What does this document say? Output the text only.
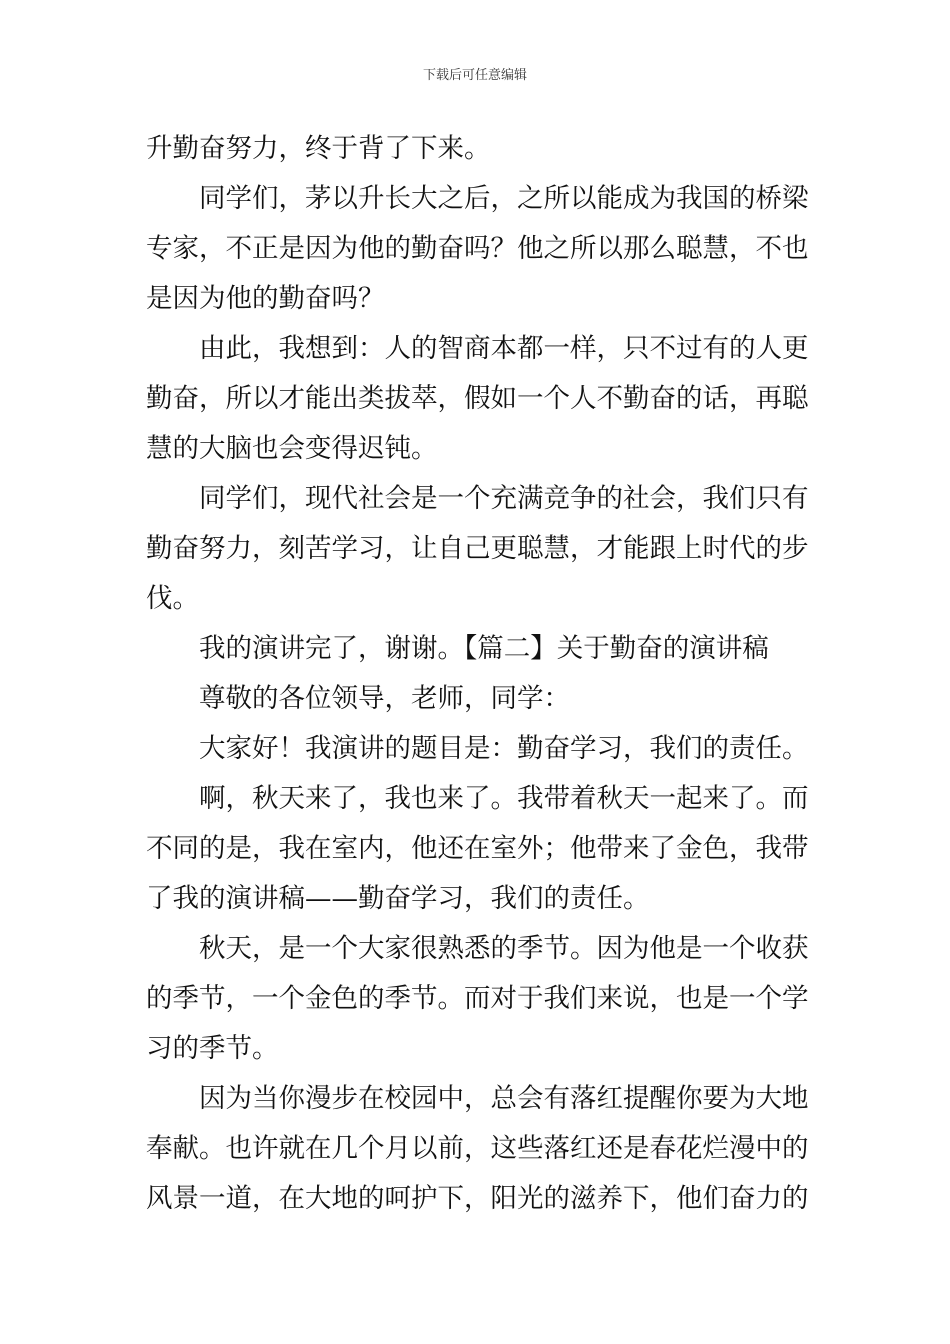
下载后可任意编辑
升勤奋努力，终于背了下来。
同学们，茅以升长大之后，之所以能成为我国的桥梁
专家，不正是因为他的勤奋吗？他之所以那么聪慧，不也
是因为他的勤奋吗？
由此，我想到：人的智商本都一样，只不过有的人更
勤奋，所以才能出类拔萃，假如一个人不勤奋的话，再聪
慧的大脑也会变得迟钝。
同学们，现代社会是一个充满竞争的社会，我们只有
勤奋努力，刻苦学习，让自己更聪慧，才能跟上时代的步
伐。
我的演讲完了，谢谢。【篇二】关于勤奋的演讲稿
尊敬的各位领导，老师，同学：
大家好！我演讲的题目是：勤奋学习，我们的责任。
啊，秋天来了，我也来了。我带着秋天一起来了。而
不同的是，我在室内，他还在室外；他带来了金色，我带
了我的演讲稿——勤奋学习，我们的责任。
秋天，是一个大家很熟悉的季节。因为他是一个收获
的季节，一个金色的季节。而对于我们来说，也是一个学
习的季节。
因为当你漫步在校园中，总会有落红提醒你要为大地
奉献。也许就在几个月以前，这些落红还是春花烂漫中的
风景一道，在大地的呵护下，阳光的滋养下，他们奋力的
